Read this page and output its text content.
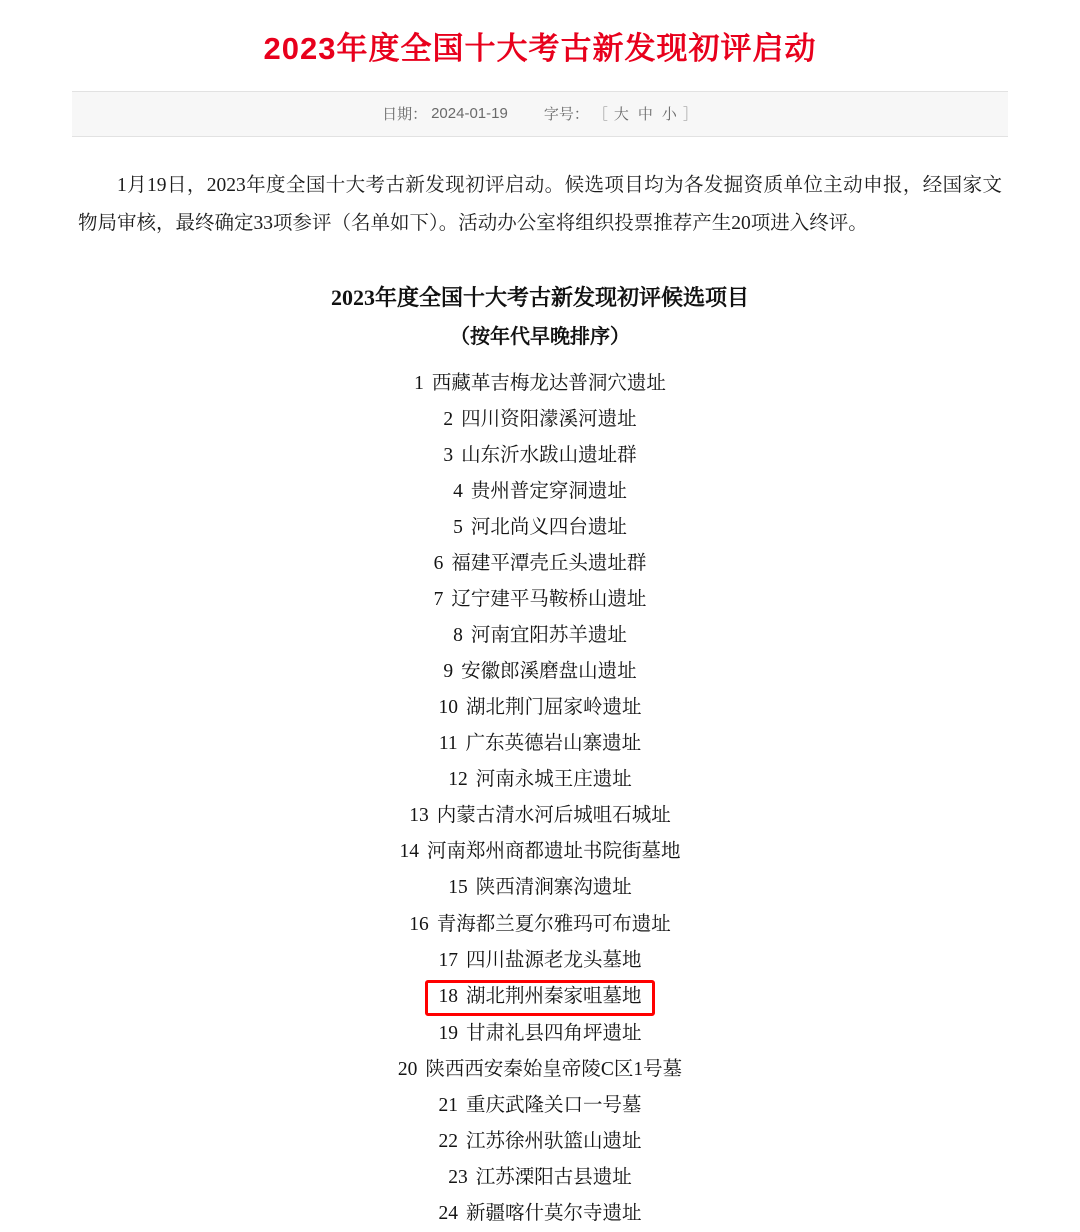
2023年度全国十大考古新发现初评启动
日期： 2024-01-19 字号： ［ 大 中 小 ］

1月19日，2023年度全国十大考古新发现初评启动。候选项目均为各发掘资质单位主动申报，经国家文物局审核，最终确定33项参评（名单如下）。活动办公室将组织投票推荐产生20项进入终评。

2023年度全国十大考古新发现初评候选项目
（按年代早晚排序）
1 西藏革吉梅龙达普洞穴遗址
2 四川资阳濛溪河遗址
3 山东沂水跋山遗址群
4 贵州普定穿洞遗址
5 河北尚义四台遗址
6 福建平潭壳丘头遗址群
7 辽宁建平马鞍桥山遗址
8 河南宜阳苏羊遗址
9 安徽郎溪磨盘山遗址
10 湖北荆门屈家岭遗址
11 广东英德岩山寨遗址
12 河南永城王庄遗址
13 内蒙古清水河后城咀石城址
14 河南郑州商都遗址书院街墓地
15 陕西清涧寨沟遗址
16 青海都兰夏尔雅玛可布遗址
17 四川盐源老龙头墓地
18 湖北荆州秦家咀墓地
19 甘肃礼县四角坪遗址
20 陕西西安秦始皇帝陵C区1号墓
21 重庆武隆关口一号墓
22 江苏徐州驮篮山遗址
23 江苏溧阳古县遗址
24 新疆喀什莫尔寺遗址
